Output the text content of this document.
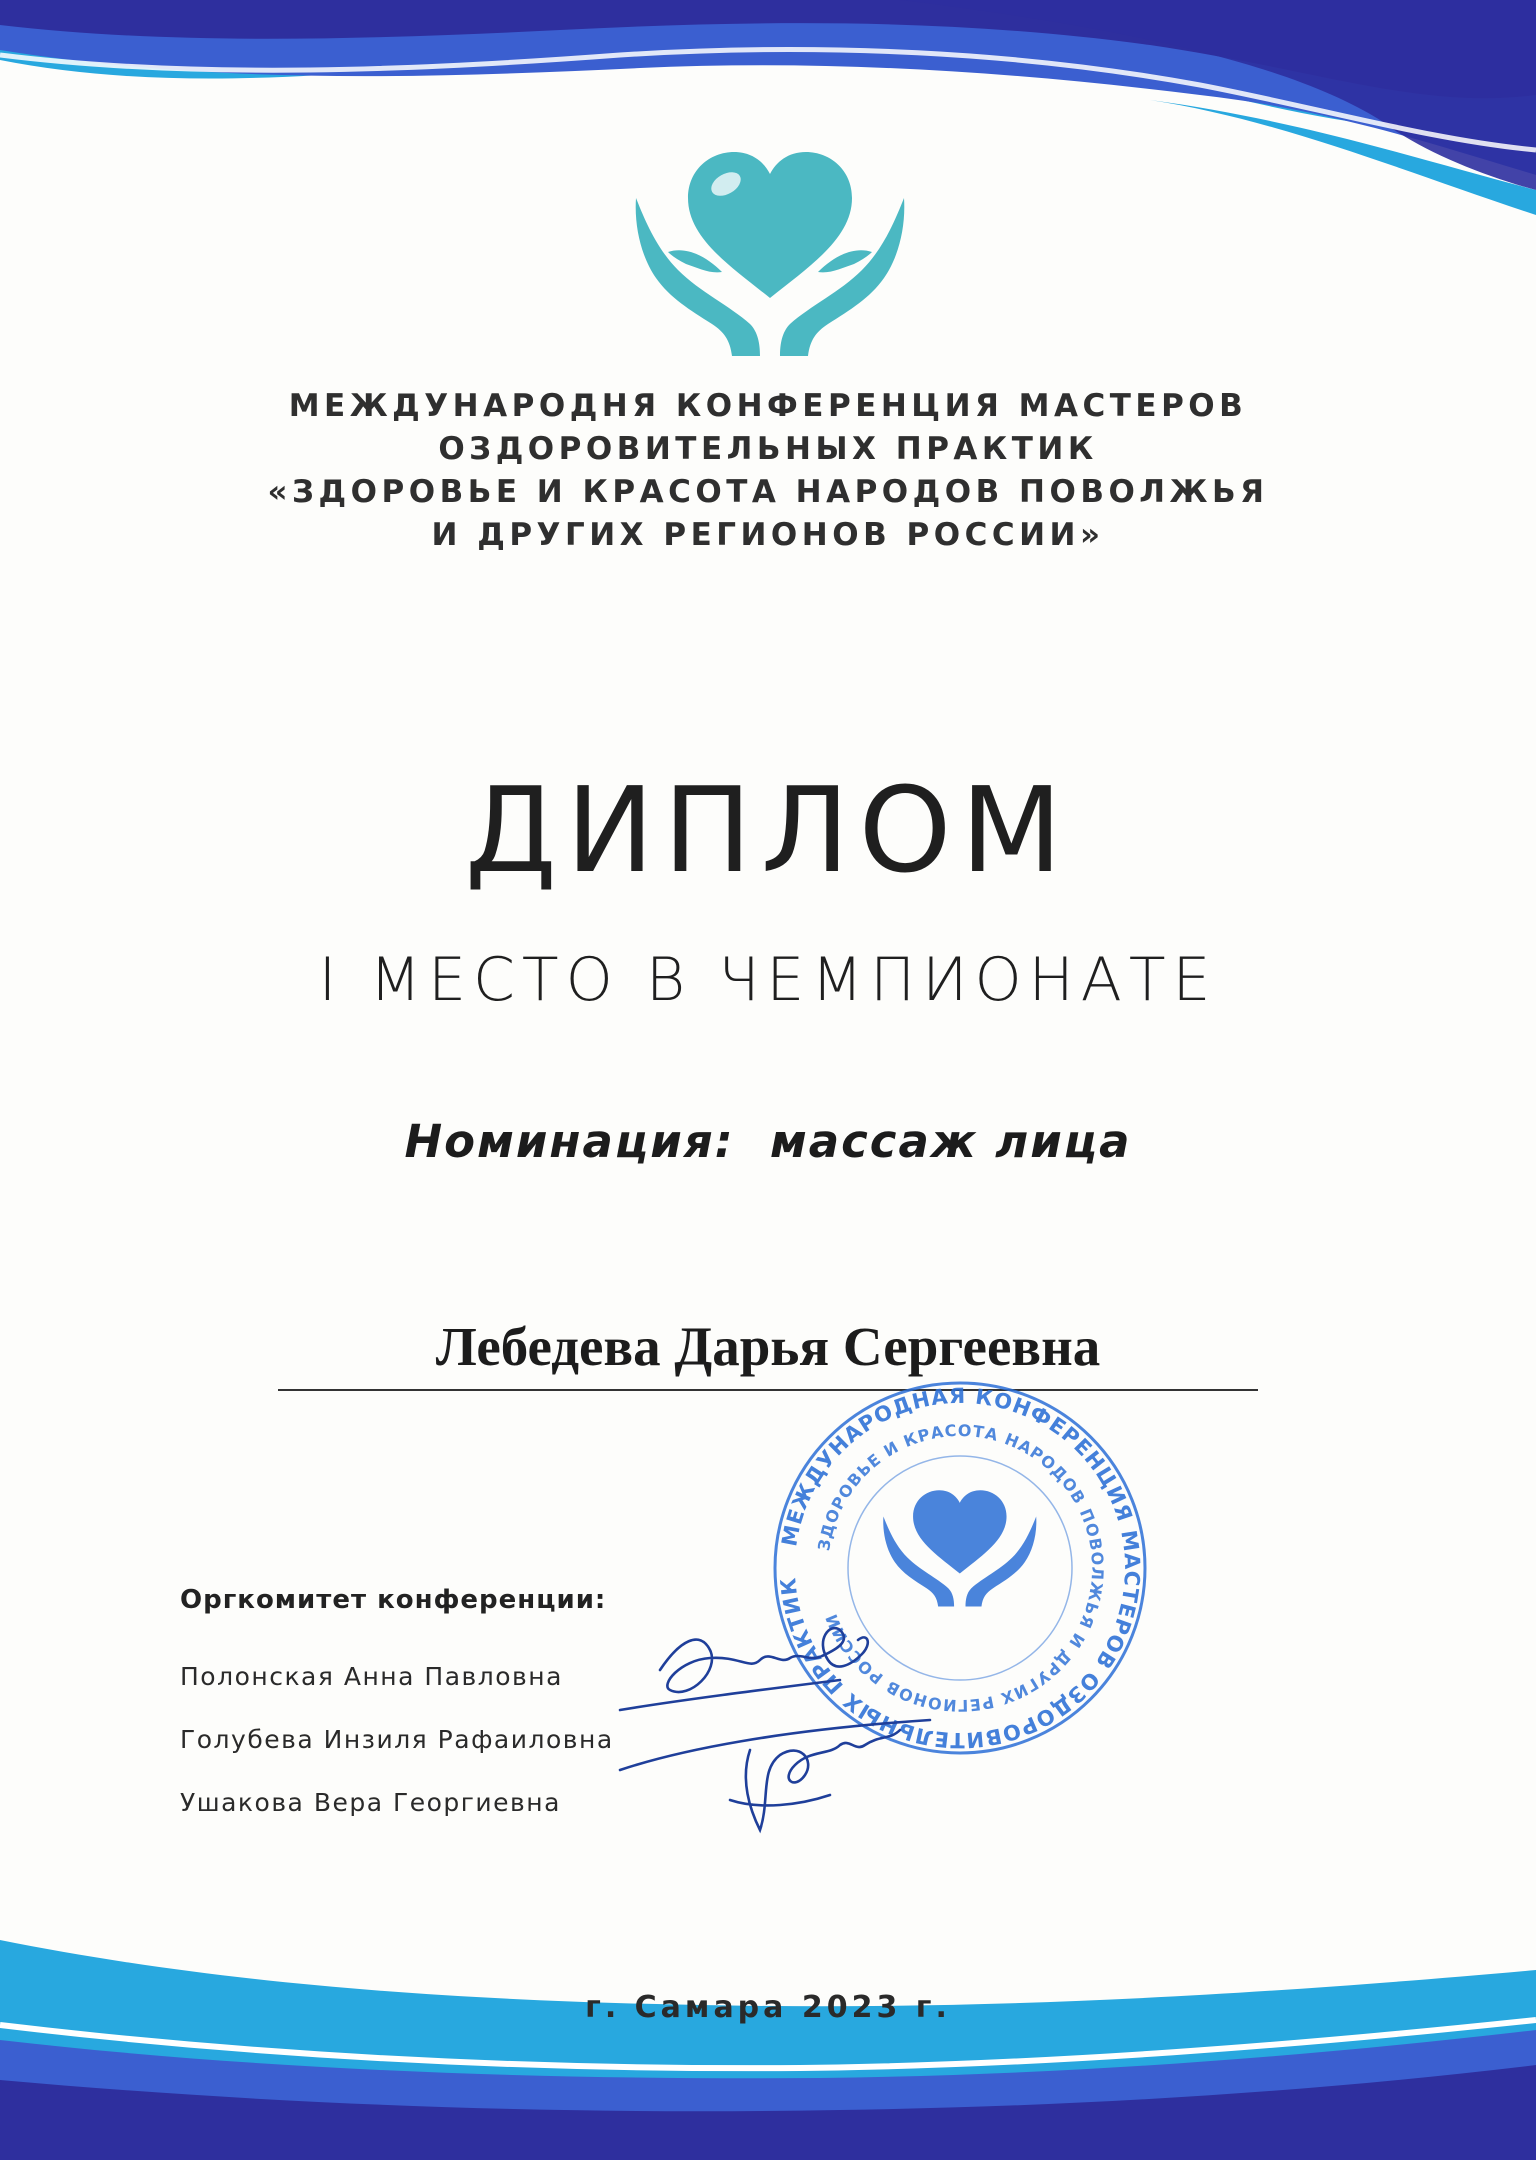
МЕЖДУНАРОДНЯ КОНФЕРЕНЦИЯ МАСТЕРОВ
ОЗДОРОВИТЕЛЬНЫХ ПРАКТИК
«ЗДОРОВЬЕ И КРАСОТА НАРОДОВ ПОВОЛЖЬЯ
И ДРУГИХ РЕГИОНОВ РОССИИ»
ДИПЛОМ
I МЕСТО В ЧЕМПИОНАТЕ
Номинация:  массаж лица
Лебедева Дарья Сергеевна
МЕЖДУНАРОДНАЯ КОНФЕРЕНЦИЯ МАСТЕРОВ ОЗДОРОВИТЕЛЬНЫХ ПРАКТИК
ЗДОРОВЬЕ И КРАСОТА НАРОДОВ ПОВОЛЖЬЯ И ДРУГИХ РЕГИОНОВ РОССИИ
Оргкомитет конференции:
Полонская Анна Павловна
Голубева Инзиля Рафаиловна
Ушакова Вера Георгиевна
г. Самара 2023 г.
